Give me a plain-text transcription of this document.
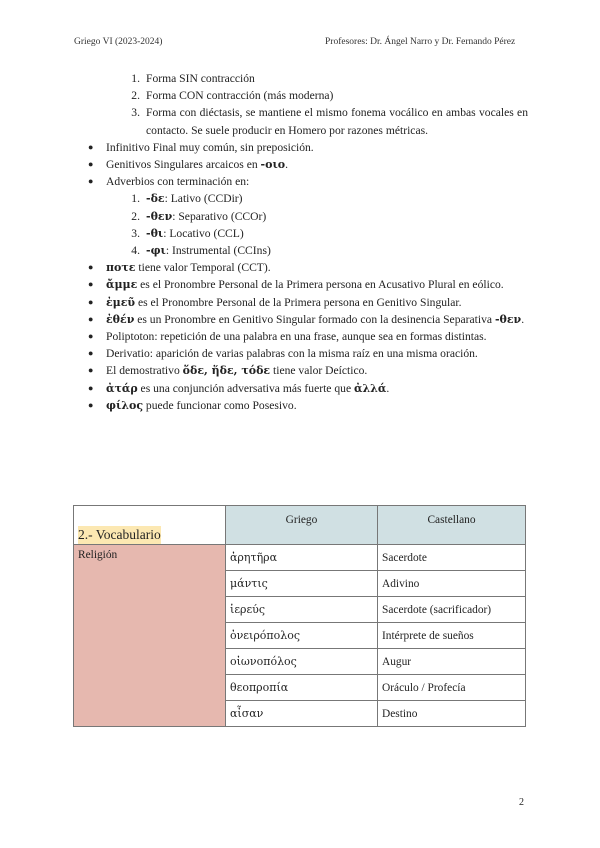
Griego VI (2023-2024)	Profesores: Dr. Ángel Narro y Dr. Fernando Pérez
1. Forma SIN contracción
2. Forma CON contracción (más moderna)
3. Forma con diéctasis, se mantiene el mismo fonema vocálico en ambas vocales en contacto. Se suele producir en Homero por razones métricas.
●	Infinitivo Final muy común, sin preposición.
●	Genitivos Singulares arcaicos en -οιο.
●	Adverbios con terminación en:
1. -δε: Lativo (CCDir)
2. -θεν: Separativo (CCOr)
3. -θι: Locativo (CCL)
4. -φι: Instrumental (CCIns)
●	ποτε tiene valor Temporal (CCT).
●	ἄμμε es el Pronombre Personal de la Primera persona en Acusativo Plural en eólico.
●	ἐμεῦ es el Pronombre Personal de la Primera persona en Genitivo Singular.
●	ἐθέν es un Pronombre en Genitivo Singular formado con la desinencia Separativa -θεν.
●	Poliptoton: repetición de una palabra en una frase, aunque sea en formas distintas.
●	Derivatio: aparición de varias palabras con la misma raíz en una misma oración.
●	El demostrativo ὅδε, ἥδε, τόδε tiene valor Deíctico.
●	ἀτάρ es una conjunción adversativa más fuerte que ἀλλά.
●	φίλος puede funcionar como Posesivo.
2.- Vocabulario	Griego	Castellano
Religión	ἀρητῆρα	Sacerdote
	μάντις	Adivino
	ἱερεύς	Sacerdote (sacrificador)
	ὀνειρόπολος	Intérprete de sueños
	οἰωνοπόλος	Augur
	θεοπροπία	Oráculo / Profecía
	αἶσαν	Destino
2
